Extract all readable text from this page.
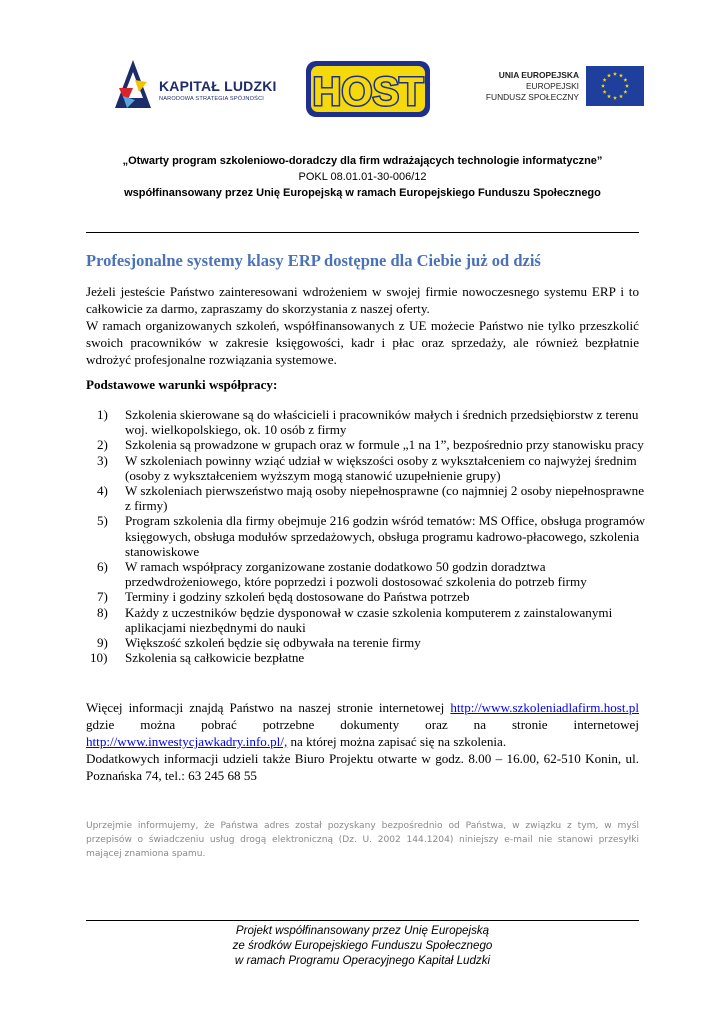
KAPITAŁ LUDZKI
NARODOWA STRATEGIA SPÓJNOŚCI	HOST	UNIA EUROPEJSKA
EUROPEJSKI
FUNDUSZ SPOŁECZNY
„Otwarty program szkoleniowo-doradczy dla firm wdrażających technologie informatyczne”
POKL 08.01.01-30-006/12
współfinansowany przez Unię Europejską w ramach Europejskiego Funduszu Społecznego
Profesjonalne systemy klasy ERP dostępne dla Ciebie już od dziś

Jeżeli jesteście Państwo zainteresowani wdrożeniem w swojej firmie nowoczesnego systemu ERP i to całkowicie za darmo, zapraszamy do skorzystania z naszej oferty.

W ramach organizowanych szkoleń, współfinansowanych z UE możecie Państwo nie tylko przeszkolić swoich pracowników w zakresie księgowości, kadr i płac oraz sprzedaży, ale również bezpłatnie wdrożyć profesjonalne rozwiązania systemowe.

Podstawowe warunki współpracy:
1) Szkolenia skierowane są do właścicieli i pracowników małych i średnich przedsiębiorstw z terenu woj. wielkopolskiego, ok. 10 osób z firmy
2) Szkolenia są prowadzone w grupach oraz w formule „1 na 1”, bezpośrednio przy stanowisku pracy
3) W szkoleniach powinny wziąć udział w większości osoby z wykształceniem co najwyżej średnim (osoby z wykształceniem wyższym mogą stanowić uzupełnienie grupy)
4) W szkoleniach pierwszeństwo mają osoby niepełnosprawne (co najmniej 2 osoby niepełnosprawne z firmy)
5) Program szkolenia dla firmy obejmuje 216 godzin wśród tematów: MS Office, obsługa programów księgowych, obsługa modułów sprzedażowych, obsługa programu kadrowo-płacowego, szkolenia stanowiskowe
6) W ramach współpracy zorganizowane zostanie dodatkowo 50 godzin doradztwa przedwdrożeniowego, które poprzedzi i pozwoli dostosować szkolenia do potrzeb firmy
7) Terminy i godziny szkoleń będą dostosowane do Państwa potrzeb
8) Każdy z uczestników będzie dysponował w czasie szkolenia komputerem z zainstalowanymi aplikacjami niezbędnymi do nauki
9) Większość szkoleń będzie się odbywała na terenie firmy
10) Szkolenia są całkowicie bezpłatne

Więcej informacji znajdą Państwo na naszej stronie internetowej http://www.szkoleniadlafirm.host.pl gdzie można pobrać potrzebne dokumenty oraz na stronie internetowej http://www.inwestycjawkadry.info.pl/, na której można zapisać się na szkolenia.

Dodatkowych informacji udzieli także Biuro Projektu otwarte w godz. 8.00 – 16.00, 62-510 Konin, ul. Poznańska 74, tel.: 63 245 68 55

Uprzejmie informujemy, że Państwa adres został pozyskany bezpośrednio od Państwa, w związku z tym, w myśl przepisów o świadczeniu usług drogą elektroniczną (Dz. U. 2002 144.1204) niniejszy e-mail nie stanowi przesyłki mającej znamiona spamu.
Projekt współfinansowany przez Unię Europejską
ze środków Europejskiego Funduszu Społecznego
w ramach Programu Operacyjnego Kapitał Ludzki
